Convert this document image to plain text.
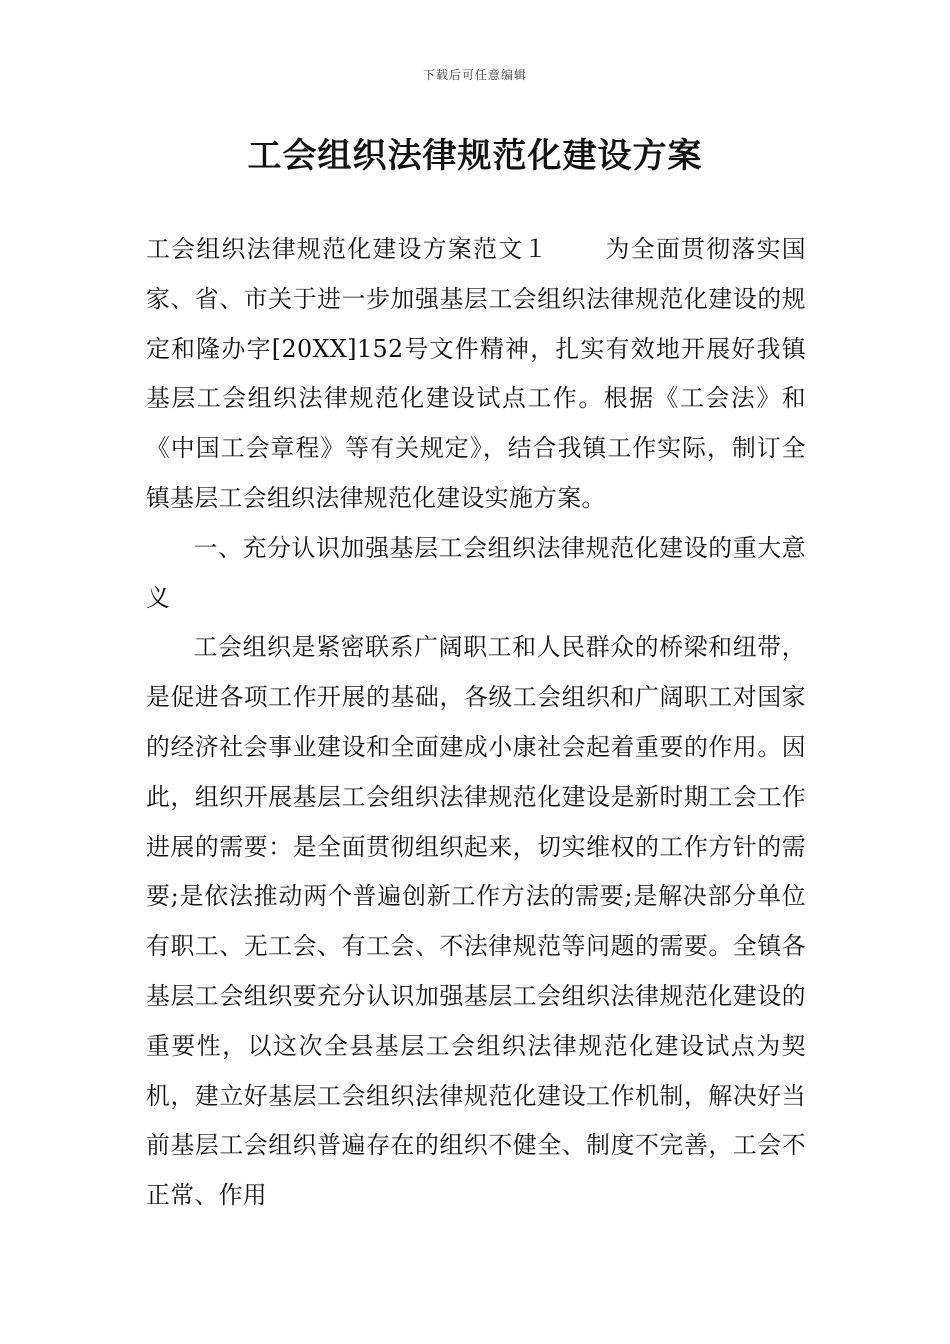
下载后可任意编辑
工会组织法律规范化建设方案

工会组织法律规范化建设方案范文１ 为全面贯彻落实国家、省、市关于进一步加强基层工会组织法律规范化建设的规定和隆办字[20XX]152号文件精神，扎实有效地开展好我镇基层工会组织法律规范化建设试点工作。根据《工会法》和《中国工会章程》等有关规定》，结合我镇工作实际，制订全镇基层工会组织法律规范化建设实施方案。

一、充分认识加强基层工会组织法律规范化建设的重大意义

工会组织是紧密联系广阔职工和人民群众的桥梁和纽带，是促进各项工作开展的基础，各级工会组织和广阔职工对国家的经济社会事业建设和全面建成小康社会起着重要的作用。因此，组织开展基层工会组织法律规范化建设是新时期工会工作进展的需要：是全面贯彻组织起来，切实维权的工作方针的需要;是依法推动两个普遍创新工作方法的需要;是解决部分单位有职工、无工会、有工会、不法律规范等问题的需要。全镇各基层工会组织要充分认识加强基层工会组织法律规范化建设的重要性，以这次全县基层工会组织法律规范化建设试点为契机，建立好基层工会组织法律规范化建设工作机制，解决好当前基层工会组织普遍存在的组织不健全、制度不完善，工会不正常、作用
